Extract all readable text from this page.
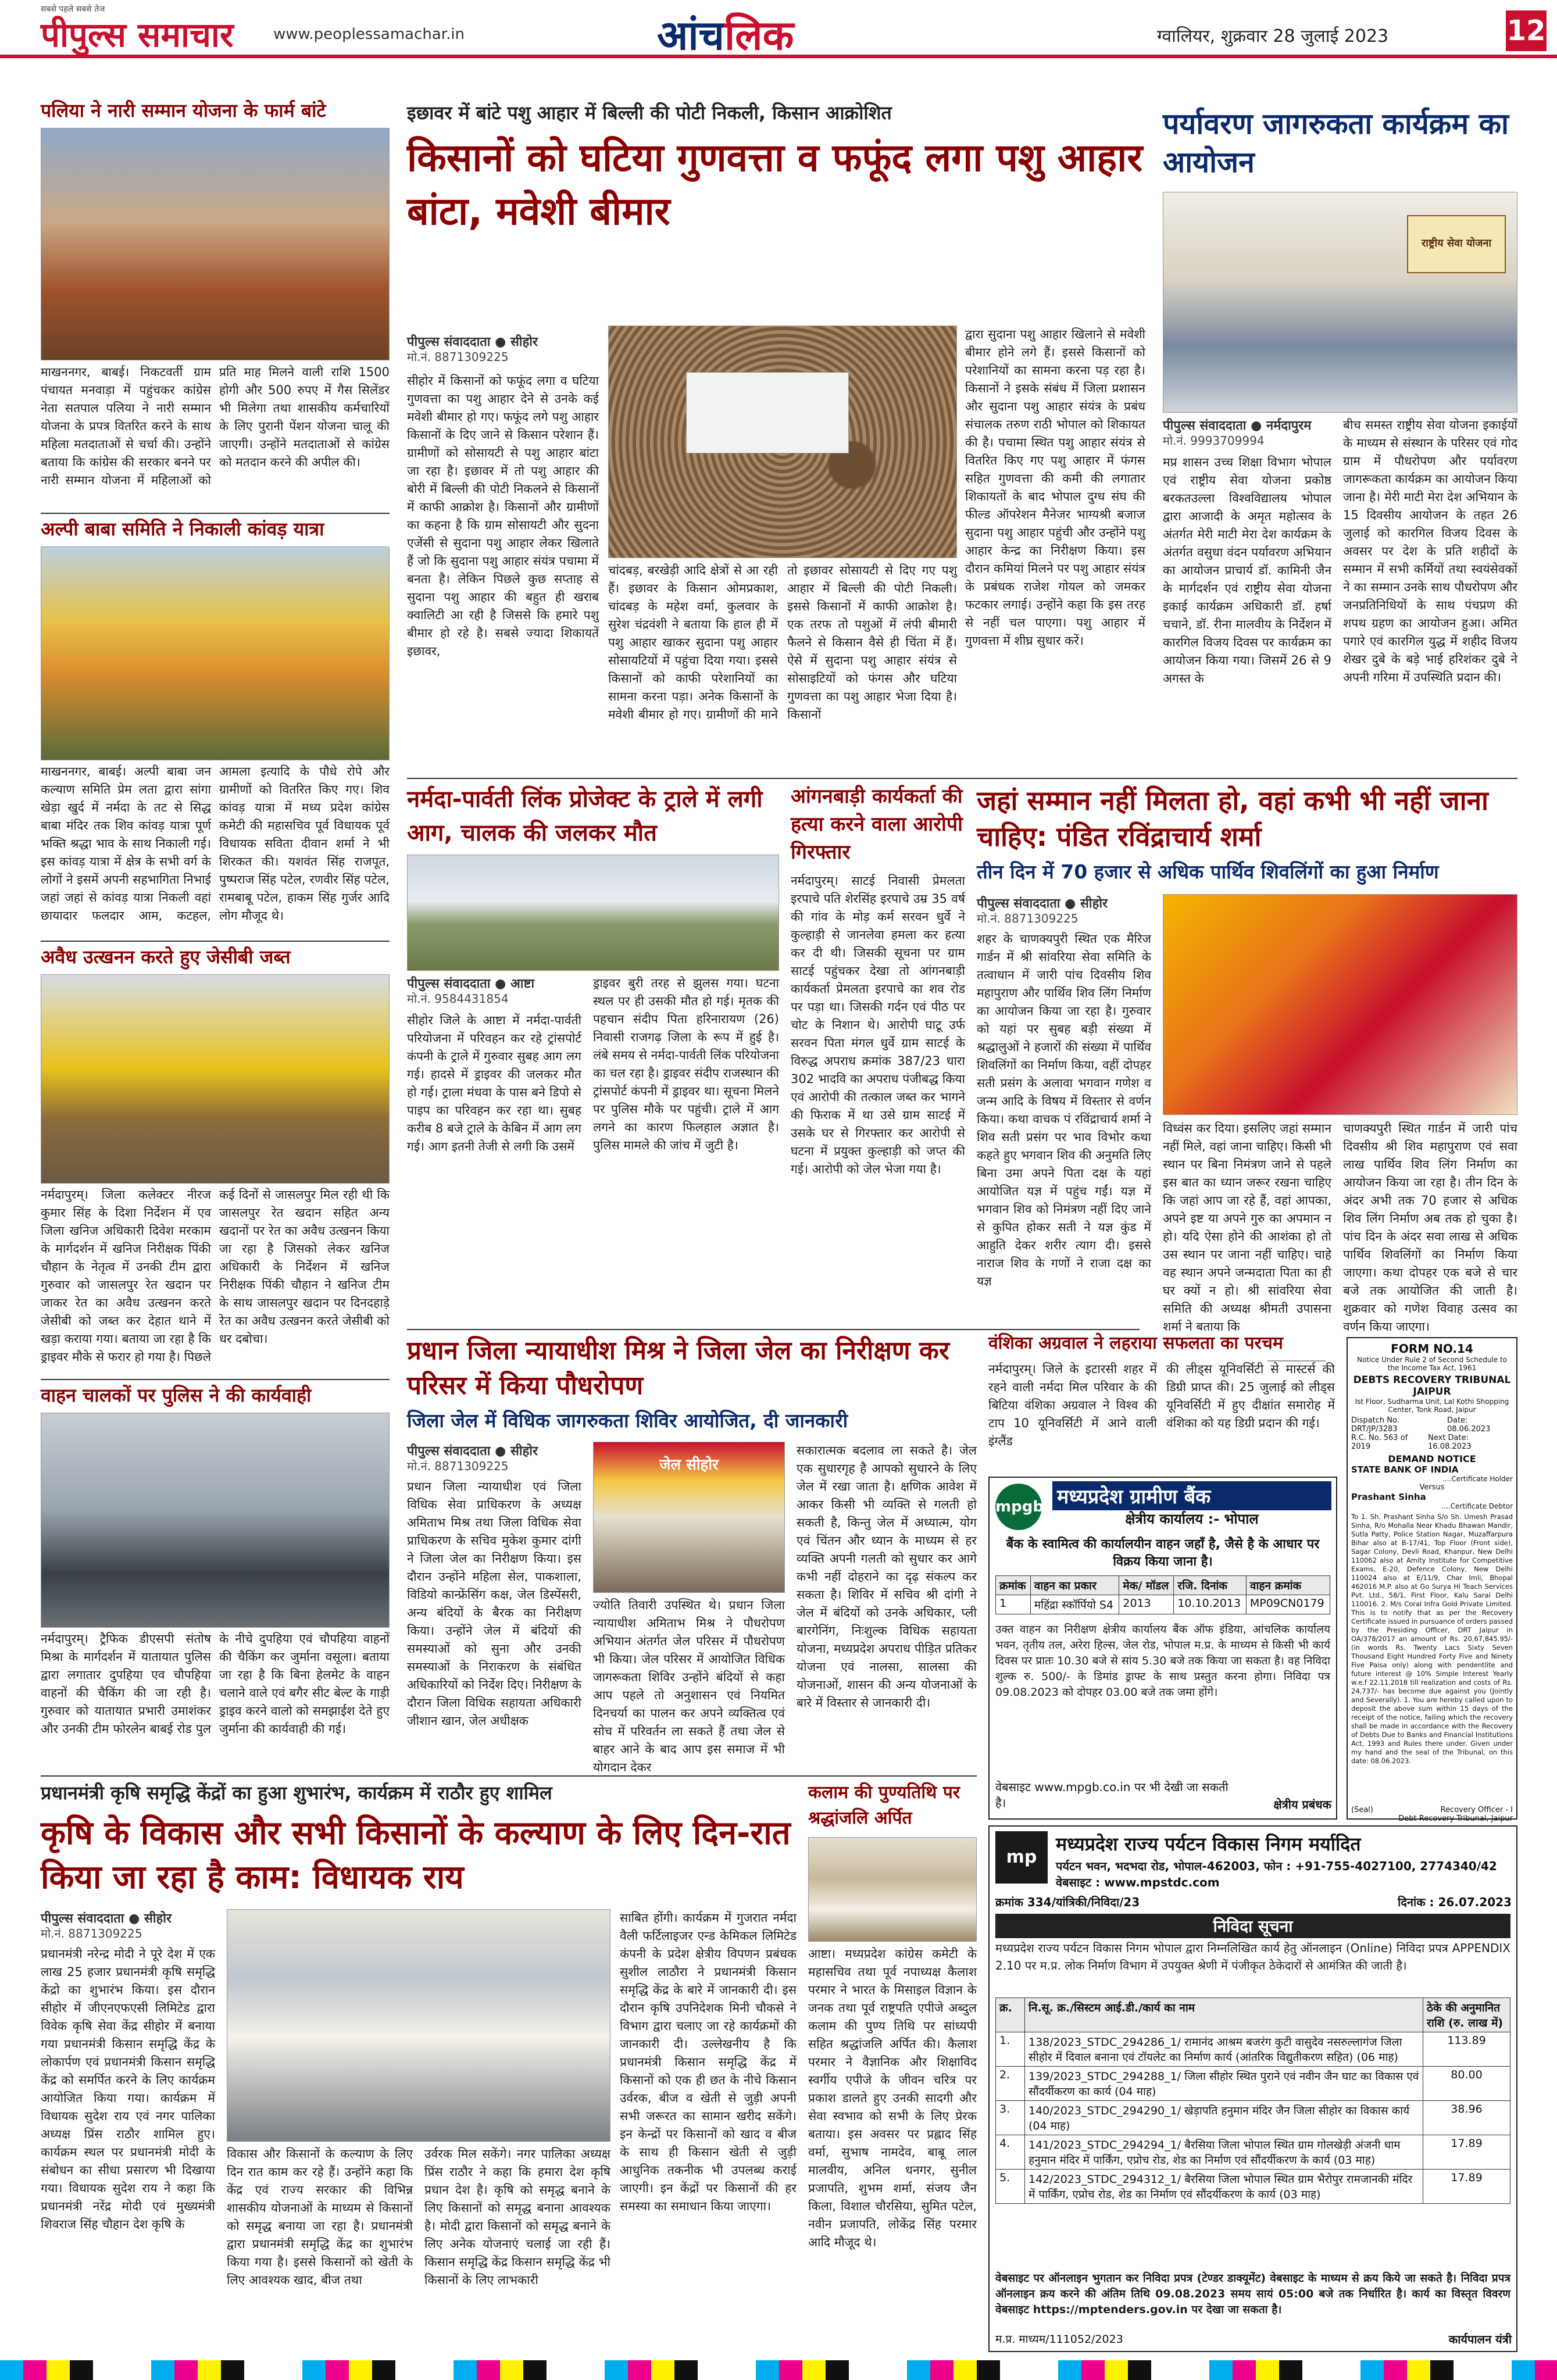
सबसे पहले सबसे तेज
पीपुल्स समाचार	www.peoplessamachar.in	आंचलिक	ग्वालियर, शुक्रवार 28 जुलाई 2023	12
पलिया ने नारी सम्मान योजना के फार्म बांटे
माखननगर, बाबई। निकटवर्ती ग्राम पंचायत मनवाड़ा में पहुंचकर कांग्रेस नेता सतपाल पलिया ने नारी सम्मान योजना के प्रपत्र वितरित करने के साथ महिला मतदाताओं से चर्चा की। उन्होंने बताया कि कांग्रेस की सरकार बनने पर नारी सम्मान योजना में महिलाओं को प्रति माह मिलने वाली राशि 1500 होगी और 500 रुपए में गैस सिलेंडर भी मिलेगा तथा शासकीय कर्मचारियों के लिए पुरानी पेंशन योजना चालू की जाएगी। उन्होंने मतदाताओं से कांग्रेस को मतदान करने की अपील की।
अल्पी बाबा समिति ने निकाली कांवड़ यात्रा
माखननगर, बाबई। अल्पी बाबा जन कल्याण समिति प्रेम लता द्वारा सांगा खेड़ा खुर्द में नर्मदा के तट से सिद्ध बाबा मंदिर तक शिव कांवड़ यात्रा पूर्ण भक्ति श्रद्धा भाव के साथ निकाली गई। इस कांवड़ यात्रा में क्षेत्र के सभी वर्ग के लोगों ने इसमें अपनी सहभागिता निभाई जहां जहां से कांवड़ यात्रा निकली वहां छायादार फलदार आम, कटहल, आमला इत्यादि के पौधे रोपे और ग्रामीणों को वितरित किए गए। शिव कांवड़ यात्रा में मध्य प्रदेश कांग्रेस कमेटी की महासचिव पूर्व विधायक पूर्व विधायक सविता दीवान शर्मा ने भी शिरकत की। यशवंत सिंह राजपूत, पुष्पराज सिंह पटेल, रणवीर सिंह पटेल, रामबाबू पटेल, हाकम सिंह गुर्जर आदि लोग मौजूद थे।
अवैध उत्खनन करते हुए जेसीबी जब्त
नर्मदापुरम्। जिला कलेक्टर नीरज कुमार सिंह के दिशा निर्देशन में एव जिला खनिज अधिकारी दिवेश मरकाम के मार्गदर्शन में खनिज निरीक्षक पिंकी चौहान के नेतृत्व में उनकी टीम द्वारा गुरुवार को जासलपुर रेत खदान पर जाकर रेत का अवैध उत्खनन करते जेसीबी को जब्त कर देहात थाने में खड़ा कराया गया। बताया जा रहा है कि ड्राइवर मौके से फरार हो गया है। पिछले कई दिनों से जासलपुर मिल रही थी कि जासलपुर रेत खदान सहित अन्य खदानों पर रेत का अवैध उत्खनन किया जा रहा है जिसको लेकर खनिज अधिकारी के निर्देशन में खनिज निरीक्षक पिंकी चौहान ने खनिज टीम के साथ जासलपुर खदान पर दिनदहाड़े रेत का अवैध उत्खनन करते जेसीबी को धर दबोचा।
वाहन चालकों पर पुलिस ने की कार्यवाही
नर्मदापुरम्। ट्रैफिक डीएसपी संतोष मिश्रा के मार्गदर्शन में यातायात पुलिस द्वारा लगातार दुपहिया एव चौपहिया वाहनों की चैकिंग की जा रही है। गुरुवार को यातायात प्रभारी उमाशंकर और उनकी टीम फोरलेन बाबई रोड पुल के नीचे दुपहिया एवं चौपहिया वाहनों की चैकिंग कर जुर्माना वसूला। बताया जा रहा है कि बिना हेलमेट के वाहन चलाने वाले एवं बगैर सीट बेल्ट के गाड़ी ड्राइव करने वालो को समझाईश देते हुए जुर्माना की कार्यवाही की गई।
इछावर में बांटे पशु आहार में बिल्ली की पोटी निकली, किसान आक्रोशित
किसानों को घटिया गुणवत्ता व फफूंद लगा पशु आहार बांटा, मवेशी बीमार
पीपुल्स संवाददाता ● सीहोर
मो.नं. 8871309225
सीहोर में किसानों को फफूंद लगा व घटिया गुणवत्ता का पशु आहार देने से उनके कई मवेशी बीमार हो गए। फफूंद लगे पशु आहार किसानों के दिए जाने से किसान परेशान हैं। ग्रामीणों को सोसायटी से पशु आहार बांटा जा रहा है। इछावर में तो पशु आहार की बोरी में बिल्ली की पोटी निकलने से किसानों में काफी आक्रोश है। किसानों और ग्रामीणों का कहना है कि ग्राम सोसायटी और सुदना एजेंसी से सुदाना पशु आहार लेकर खिलाते हैं जो कि सुदाना पशु आहार संयंत्र पचामा में बनता है। लेकिन पिछले कुछ सप्ताह से सुदाना पशु आहार की बहुत ही खराब क्वालिटी आ रही है जिससे कि हमारे पशु बीमार हो रहे है। सबसे ज्यादा शिकायतें इछावर,
चांदबड़, बरखेड़ी आदि क्षेत्रों से आ रही हैं। इछावर के किसान ओमप्रकाश, चांदबड़ के महेश वर्मा, कुलवार के सुरेश चंद्रवंशी ने बताया कि हाल ही में पशु आहार खाकर सुदाना पशु आहार सोसायटियों में पहुंचा दिया गया। इससे किसानों को काफी परेशानियों का सामना करना पड़ा। अनेक किसानों के मवेशी बीमार हो गए। ग्रामीणों की माने तो इछावर सोसायटी से दिए गए पशु आहार में बिल्ली की पोटी निकली। इससे किसानों में काफी आक्रोश है। एक तरफ तो पशुओं में लंपी बीमारी फैलने से किसान वैसे ही चिंता में हैं। ऐसे में सुदाना पशु आहार संयंत्र से सोसाइटियों को फंगस और घटिया गुणवत्ता का पशु आहार भेजा दिया है। किसानों
द्वारा सुदाना पशु आहार खिलाने से मवेशी बीमार होने लगे हैं। इससे किसानों को परेशानियों का सामना करना पड़ रहा है। किसानों ने इसके संबंध में जिला प्रशासन और सुदाना पशु आहार संयंत्र के प्रबंध संचालक तरुण राठी भोपाल को शिकायत की है। पचामा स्थित पशु आहार संयंत्र से वितरित किए गए पशु आहार में फंगस सहित गुणवत्ता की कमी की लगातार शिकायतों के बाद भोपाल दुग्ध संघ की फील्ड ऑपरेशन मैनेजर भाग्यश्री बजाज सुदाना पशु आहार पहुंची और उन्होंने पशु आहार केन्द्र का निरीक्षण किया। इस दौरान कमियां मिलने पर पशु आहार संयंत्र के प्रबंधक राजेश गोयल को जमकर फटकार लगाई। उन्होंने कहा कि इस तरह से नहीं चल पाएगा। पशु आहार में गुणवत्ता में शीघ्र सुधार करें।
पर्यावरण जागरुकता कार्यक्रम का आयोजन
राष्ट्रीय सेवा योजना
पीपुल्स संवाददाता ● नर्मदापुरम
मो.नं. 9993709994
मप्र शासन उच्च शिक्षा विभाग भोपाल एवं राष्ट्रीय सेवा योजना प्रकोष्ठ बरकतउल्ला विश्वविद्यालय भोपाल द्वारा आजादी के अमृत महोत्सव के अंतर्गत मेरी माटी मेरा देश कार्यक्रम के अंतर्गत वसुधा वंदन पर्यावरण अभियान का आयोजन प्राचार्य डॉ. कामिनी जैन के मार्गदर्शन एवं राष्ट्रीय सेवा योजना इकाई कार्यक्रम अधिकारी डॉ. हर्षा चचाने, डॉ. रीना मालवीय के निर्देशन में कारगिल विजय दिवस पर कार्यक्रम का आयोजन किया गया। जिसमें 26 से 9 अगस्त के
बीच समस्त राष्ट्रीय सेवा योजना इकाईयों के माध्यम से संस्थान के परिसर एवं गोद ग्राम में पौधरोपण और पर्यावरण जागरूकता कार्यक्रम का आयोजन किया जाना है। मेरी माटी मेरा देश अभियान के 15 दिवसीय आयोजन के तहत 26 जुलाई को कारगिल विजय दिवस के अवसर पर देश के प्रति शहीदों के सम्मान में सभी कर्मियों तथा स्वयंसेवकों ने का सम्मान उनके साथ पौधरोपण और जनप्रतिनिधियों के साथ पंचप्रण की शपथ ग्रहण का आयोजन हुआ। अमित पगारे एवं कारगिल युद्ध में शहीद विजय शेखर दुबे के बड़े भाई हरिशंकर दुबे ने अपनी गरिमा में उपस्थिति प्रदान की।
नर्मदा-पार्वती लिंक प्रोजेक्ट के ट्राले में लगी आग, चालक की जलकर मौत
पीपुल्स संवाददाता ● आष्टा
मो.नं. 9584431854
सीहोर जिले के आष्टा में नर्मदा-पार्वती परियोजना में परिवहन कर रहे ट्रांसपोर्ट कंपनी के ट्राले में गुरुवार सुबह आग लग गई। हादसे में ड्राइवर की जलकर मौत हो गई। ट्राला मंधवा के पास बने डिपो से पाइप का परिवहन कर रहा था। सुबह करीब 8 बजे ट्राले के केबिन में आग लग गई। आग इतनी तेजी से लगी कि उसमें
ड्राइवर बुरी तरह से झुलस गया। घटना स्थल पर ही उसकी मौत हो गई। मृतक की पहचान संदीप पिता हरिनारायण (26) निवासी राजगढ़ जिला के रूप में हुई है। लंबे समय से नर्मदा-पार्वती लिंक परियोजना का चल रहा है। ड्राइवर संदीप राजस्थान की ट्रांसपोर्ट कंपनी में ड्राइवर था। सूचना मिलने पर पुलिस मौके पर पहुंची। ट्राले में आग लगने का कारण फिलहाल अज्ञात है। पुलिस मामले की जांच में जुटी है।
आंगनबाड़ी कार्यकर्ता की हत्या करने वाला आरोपी गिरफ्तार
नर्मदापुरम्। साटई निवासी प्रेमलता इरपाचे पति शेरसिंह इरपाचे उम्र 35 वर्ष की गांव के मोड़ कर्म सरवन धुर्वे ने कुल्हाड़ी से जानलेवा हमला कर हत्या कर दी थी। जिसकी सूचना पर ग्राम साटई पहुंचकर देखा तो आंगनबाड़ी कार्यकर्ता प्रेमलता इरपाचे का शव रोड पर पड़ा था। जिसकी गर्दन एवं पीठ पर चोट के निशान थे। आरोपी घाटू उर्फ सरवन पिता मंगल धुर्वे ग्राम साटई के विरुद्ध अपराध क्रमांक 387/23 धारा 302 भादवि का अपराध पंजीबद्ध किया एवं आरोपी की तत्काल जब्त कर भागने की फिराक में था उसे ग्राम साटई में उसके घर से गिरफ्तार कर आरोपी से घटना में प्रयुक्त कुल्हाड़ी को जप्त की गई। आरोपी को जेल भेजा गया है।
जहां सम्मान नहीं मिलता हो, वहां कभी भी नहीं जाना चाहिए: पंडित रविंद्राचार्य शर्मा
तीन दिन में 70 हजार से अधिक पार्थिव शिवलिंगों का हुआ निर्माण
पीपुल्स संवाददाता ● सीहोर
मो.नं. 8871309225
शहर के चाणक्यपुरी स्थित एक मैरिज गार्डन में श्री सांवरिया सेवा समिति के तत्वाधान में जारी पांच दिवसीय शिव महापुराण और पार्थिव शिव लिंग निर्माण का आयोजन किया जा रहा है। गुरुवार को यहां पर सुबह बड़ी संख्या में श्रद्धालुओं ने हजारों की संख्या में पार्थिव शिवलिंगों का निर्माण किया, वहीं दोपहर सती प्रसंग के अलावा भगवान गणेश व जन्म आदि के विषय में विस्तार से वर्णन किया। कथा वाचक पं रविंद्राचार्य शर्मा ने शिव सती प्रसंग पर भाव विभोर कथा कहते हुए भगवान शिव की अनुमति लिए बिना उमा अपने पिता दक्ष के यहां आयोजित यज्ञ में पहुंच गईं। यज्ञ में भगवान शिव को निमंत्रण नहीं दिए जाने से कुपित होकर सती ने यज्ञ कुंड में आहुति देकर शरीर त्याग दी। इससे नाराज शिव के गणों ने राजा दक्ष का यज्ञ
विध्वंस कर दिया। इसलिए जहां सम्मान नहीं मिले, वहां जाना चाहिए। किसी भी स्थान पर बिना निमंत्रण जाने से पहले इस बात का ध्यान जरूर रखना चाहिए कि जहां आप जा रहे हैं, वहां आपका, अपने इष्ट या अपने गुरु का अपमान न हो। यदि ऐसा होने की आशंका हो तो उस स्थान पर जाना नहीं चाहिए। चाहे वह स्थान अपने जन्मदाता पिता का ही घर क्यों न हो। श्री सांवरिया सेवा समिति की अध्यक्ष श्रीमती उपासना शर्मा ने बताया कि
चाणक्यपुरी स्थित गार्डन में जारी पांच दिवसीय श्री शिव महापुराण एवं सवा लाख पार्थिव शिव लिंग निर्माण का आयोजन किया जा रहा है। तीन दिन के अंदर अभी तक 70 हजार से अधिक शिव लिंग निर्माण अब तक हो चुका है। पांच दिन के अंदर सवा लाख से अधिक पार्थिव शिवलिंगों का निर्माण किया जाएगा। कथा दोपहर एक बजे से चार बजे तक आयोजित की जाती है। शुक्रवार को गणेश विवाह उत्सव का वर्णन किया जाएगा।
प्रधान जिला न्यायाधीश मिश्र ने जिला जेल का निरीक्षण कर परिसर में किया पौधरोपण
जिला जेल में विधिक जागरुकता शिविर आयोजित, दी जानकारी
पीपुल्स संवाददाता ● सीहोर
मो.नं. 8871309225
प्रधान जिला न्यायाधीश एवं जिला विधिक सेवा प्राधिकरण के अध्यक्ष अमिताभ मिश्र तथा जिला विधिक सेवा प्राधिकरण के सचिव मुकेश कुमार दांगी ने जिला जेल का निरीक्षण किया। इस दौरान उन्होंने महिला सेल, पाकशाला, विडियो कान्फ्रेंसिंग कक्ष, जेल डिस्पेंसरी, अन्य बंदियों के बैरक का निरीक्षण किया। उन्होंने जेल में बंदियों की समस्याओं को सुना और उनकी समस्याओं के निराकरण के संबंधित अधिकारियों को निर्देश दिए। निरीक्षण के दौरान जिला विधिक सहायता अधिकारी जीशान खान, जेल अधीक्षक
जेल सीहोर
ज्योति तिवारी उपस्थित थे। प्रधान जिला न्यायाधीश अमिताभ मिश्र ने पौधरोपण अभियान अंतर्गत जेल परिसर में पौधरोपण भी किया। जेल परिसर में आयोजित विधिक जागरूकता शिविर उन्होंने बंदियों से कहा आप पहले तो अनुशासन एवं नियमित दिनचर्या का पालन कर अपने व्यक्तित्व एवं सोच में परिवर्तन ला सकते हैं तथा जेल से बाहर आने के बाद आप इस समाज में भी योगदान देकर
सकारात्मक बदलाव ला सकते है। जेल एक सुधारगृह है आपको सुधारने के लिए जेल में रखा जाता है। क्षणिक आवेश में आकर किसी भी व्यक्ति से गलती हो सकती है, किन्तु जेल में अध्यात्म, योग एवं चिंतन और ध्यान के माध्यम से हर व्यक्ति अपनी गलती को सुधार कर आगे कभी नहीं दोहराने का दृढ़ संकल्प कर सकता है। शिविर में सचिव श्री दांगी ने जेल में बंदियों को उनके अधिकार, प्ली बारगेनिंग, निःशुल्क विधिक सहायता योजना, मध्यप्रदेश अपराध पीड़ित प्रतिकर योजना एवं नालसा, सालसा की योजनाओं, शासन की अन्य योजनाओं के बारे में विस्तार से जानकारी दी।
वंशिका अग्रवाल ने लहराया सफलता का परचम
नर्मदापुरम्। जिले के इटारसी शहर में रहने वाली नर्मदा मिल परिवार के की बिटिया वंशिका अग्रवाल ने विश्व की टाप 10 यूनिवर्सिटी में आने वाली इंग्लैंड
की लीड्स यूनिवर्सिटी से मास्टर्स की डिग्री प्राप्त की। 25 जुलाई को लीड्स यूनिवर्सिटी में हुए दीक्षांत समारोह में वंशिका को यह डिग्री प्रदान की गई।
mpgb मध्यप्रदेश ग्रामीण बैंक
क्षेत्रीय कार्यालय :- भोपाल
बैंक के स्वामित्व की कार्यालयीन वाहन जहाँ है, जैसे है के आधार पर विक्रय किया जाना है।
क्रमांक	वाहन का प्रकार	मेक/ मॉडल	रजि. दिनांक	वाहन क्रमांक
1	महिंद्रा स्कॉर्पियो S4	2013	10.10.2013	MP09CN0179
उक्त वाहन का निरीक्षण क्षेत्रीय कार्यालय बैंक ऑफ इंडिया, आंचलिक कार्यालय भवन, तृतीय तल, अरेरा हिल्स, जेल रोड, भोपाल म.प्र. के माध्यम से किसी भी कार्य दिवस पर प्रातः 10.30 बजे से सांय 5.30 बजे तक किया जा सकता है। वह निविदा शुल्क रु. 500/- के डिमांड ड्राफ्ट के साथ प्रस्तुत करना होगा। निविदा पत्र 09.08.2023 को दोपहर 03.00 बजे तक जमा होंगे।
वेबसाइट www.mpgb.co.in पर भी देखी जा सकती है।	क्षेत्रीय प्रबंधक
FORM NO.14
Notice Under Rule 2 of Second Schedule to the Income Tax Act, 1961
DEBTS RECOVERY TRIBUNAL JAIPUR
Ist Floor, Sudharma Unit, Lal Kothi Shopping Center, Tonk Road, Jaipur
Dispatch No. DRT/JP/3283
Date: 08.06.2023
R.C. No. 563 of 2019
Next Date: 16.08.2023
DEMAND NOTICE
STATE BANK OF INDIA
....Certificate Holder
Versus
Prashant Sinha
....Certificate Debtor
To 1. Sh. Prashant Sinha S/o Sh. Umesh Prasad Sinha, R/o Mohalla Near Khadu Bhawan Mandir, Sutla Patty, Police Station Nagar, Muzaffarpura Bihar also at B-17/41, Top Floor (Front side), Sagar Colony, Devli Road, Khanpur, New Delhi 110062 also at Amity Institute for Competitive Exams, E-20, Defence Colony, New Delhi 110024 also at E/11/9, Char Imli, Bhopal 462016 M.P. also at Go Surya Hi Teach Services Pvt. Ltd., 58/1, First Floor, Kalu Sarai Delhi 110016. 2. M/s Coral Infra Gold Private Limited. This is to notify that as per the Recovery Certificate issued in pursuance of orders passed by the Presiding Officer, DRT Jaipur in OA/378/2017 an amount of Rs. 20,67,845.95/- (in words Rs. Twenty Lacs Sixty Seven Thousand Eight Hundred Forty Five and Ninety Five Paisa only) along with pendentlite and future interest @ 10% Simple Interest Yearly w.e.f 22.11.2018 till realization and costs of Rs. 24,737/- has become due against you (Jointly and Severally). 1. You are hereby called upon to deposit the above sum within 15 days of the receipt of the notice, failing which the recovery shall be made in accordance with the Recovery of Debts Due to Banks and Financial Institutions Act, 1993 and Rules there under. Given under my hand and the seal of the Tribunal, on this date: 08.06.2023.
(Seal)	Recovery Officer - I
Debt Recovery Tribunal, Jaipur
प्रधानमंत्री कृषि समृद्धि केंद्रों का हुआ शुभारंभ, कार्यक्रम में राठौर हुए शामिल
कृषि के विकास और सभी किसानों के कल्याण के लिए दिन-रात किया जा रहा है काम: विधायक राय
पीपुल्स संवाददाता ● सीहोर
मो.नं. 8871309225
प्रधानमंत्री नरेन्द्र मोदी ने पूरे देश में एक लाख 25 हजार प्रधानमंत्री कृषि समृद्धि केंद्रो का शुभारंभ किया। इस दौरान सीहोर में जीएनएफएसी लिमिटेड द्वारा विवेक कृषि सेवा केंद्र सीहोर में बनाया गया प्रधानमंत्री किसान समृद्धि केंद्र के लोकार्पण एवं प्रधानमंत्री किसान समृद्धि केंद्र को समर्पित करने के लिए कार्यक्रम आयोजित किया गया। कार्यक्रम में विधायक सुदेश राय एवं नगर पालिका अध्यक्ष प्रिंस राठौर शामिल हुए। कार्यक्रम स्थल पर प्रधानमंत्री मोदी के संबोधन का सीधा प्रसारण भी दिखाया गया। विधायक सुदेश राय ने कहा कि प्रधानमंत्री नरेंद्र मोदी एवं मुख्यमंत्री शिवराज सिंह चौहान देश कृषि के
विकास और किसानों के कल्याण के लिए दिन रात काम कर रहे हैं। उन्होंने कहा कि केंद्र एवं राज्य सरकार की विभिन्न शासकीय योजनाओं के माध्यम से किसानों को समृद्ध बनाया जा रहा है। प्रधानमंत्री द्वारा प्रधानमंत्री समृद्धि केंद्र का शुभारंभ किया गया है। इससे किसानों को खेती के लिए आवश्यक खाद, बीज तथा
उर्वरक मिल सकेंगे। नगर पालिका अध्यक्ष प्रिंस राठौर ने कहा कि हमारा देश कृषि प्रधान देश है। कृषि को समृद्ध बनाने के लिए किसानों को समृद्ध बनाना आवश्यक है। मोदी द्वारा किसानों को समृद्ध बनाने के लिए अनेक योजनाएं चलाई जा रही हैं। किसान समृद्धि केंद्र किसान समृद्धि केंद्र भी किसानों के लिए लाभकारी
साबित होंगी। कार्यक्रम में गुजरात नर्मदा वैली फर्टिलाइजर एन्ड केमिकल लिमिटेड कंपनी के प्रदेश क्षेत्रीय विपणन प्रबंधक सुशील लाठौरा ने प्रधानमंत्री किसान समृद्धि केंद्र के बारे में जानकारी दी। इस दौरान कृषि उपनिदेशक मिनी चौकसे ने विभाग द्वारा चलाए जा रहे कार्यक्रमों की जानकारी दी। उल्लेखनीय है कि प्रधानमंत्री किसान समृद्धि केंद्र में किसानों को एक ही छत के नीचे किसान उर्वरक, बीज व खेती से जुड़ी अपनी सभी जरूरत का सामान खरीद सकेंगे। इन केन्द्रों पर किसानों को खाद व बीज के साथ ही किसान खेती से जुड़ी आधुनिक तकनीक भी उपलब्ध कराई जाएगी। इन केंद्रों पर किसानों की हर समस्या का समाधान किया जाएगा।
कलाम की पुण्यतिथि पर श्रद्धांजलि अर्पित
आष्टा। मध्यप्रदेश कांग्रेस कमेटी के महासचिव तथा पूर्व नपाध्यक्ष कैलाश परमार ने भारत के मिसाइल विज्ञान के जनक तथा पूर्व राष्ट्रपति एपीजे अब्दुल कलाम की पुण्य तिथि पर सांध्यपी सहित श्रद्धांजलि अर्पित की। कैलाश परमार ने वैज्ञानिक और शिक्षाविद स्वर्गीय एपीजे के जीवन चरित्र पर प्रकाश डालते हुए उनकी सादगी और सेवा स्वभाव को सभी के लिए प्रेरक बताया। इस अवसर पर प्रह्लाद सिंह वर्मा, सुभाष नामदेव, बाबू लाल मालवीय, अनिल धनगर, सुनील प्रजापति, शुभम शर्मा, संजय जैन किला, विशाल चौरसिया, सुमित पटेल, नवीन प्रजापति, लोकेंद्र सिंह परमार आदि मौजूद थे।
mp
मध्यप्रदेश राज्य पर्यटन विकास निगम मर्यादित
पर्यटन भवन, भदभदा रोड, भोपाल-462003, फोन : +91-755-4027100, 2774340/42
वेबसाइट : www.mpstdc.com
क्रमांक 334/यांत्रिकी/निविदा/23	दिनांक : 26.07.2023
निविदा सूचना
मध्यप्रदेश राज्य पर्यटन विकास निगम भोपाल द्वारा निम्नलिखित कार्य हेतु ऑनलाइन (Online) निविदा प्रपत्र APPENDIX 2.10 पर म.प्र. लोक निर्माण विभाग में उपयुक्त श्रेणी में पंजीकृत ठेकेदारों से आमंत्रित की जाती है।
क्र.	नि.सू. क्र./सिस्टम आई.डी./कार्य का नाम	ठेके की अनुमानित राशि (रु. लाख में)
1.	138/2023_STDC_294286_1/ रामानंद आश्रम बजरंग कुटी वासुदेव नसरुल्लागंज जिला सीहोर में दिवाल बनाना एवं टॉयलेट का निर्माण कार्य (आंतरिक विद्युतीकरण सहित) (06 माह)	113.89
2.	139/2023_STDC_294288_1/ जिला सीहोर स्थित पुराने एवं नवीन जैन घाट का विकास एवं सौंदर्यीकरण का कार्य (04 माह)	80.00
3.	140/2023_STDC_294290_1/ खेड़ापति हनुमान मंदिर जैन जिला सीहोर का विकास कार्य (04 माह)	38.96
4.	141/2023_STDC_294294_1/ बैरसिया जिला भोपाल स्थित ग्राम गोलखेड़ी अंजनी धाम हनुमान मंदिर में पार्किंग, एप्रोच रोड, शेड का निर्माण एवं सौंदर्यीकरण के कार्य (03 माह)	17.89
5.	142/2023_STDC_294312_1/ बैरसिया जिला भोपाल स्थित ग्राम भैरोपुर रामजानकी मंदिर में पार्किंग, एप्रोच रोड, शेड का निर्माण एवं सौंदर्यीकरण के कार्य (03 माह)	17.89
वेबसाइट पर ऑनलाइन भुगतान कर निविदा प्रपत्र (टेण्डर डाक्यूमेंट) वेबसाइट के माध्यम से क्रय किये जा सकते है। निविदा प्रपत्र ऑनलाइन क्रय करने की अंतिम तिथि 09.08.2023 समय सायं 05:00 बजे तक निर्धारित है। कार्य का विस्तृत विवरण वेबसाइट https://mptenders.gov.in पर देखा जा सकता है।
म.प्र. माध्यम/111052/2023	कार्यपालन यंत्री
